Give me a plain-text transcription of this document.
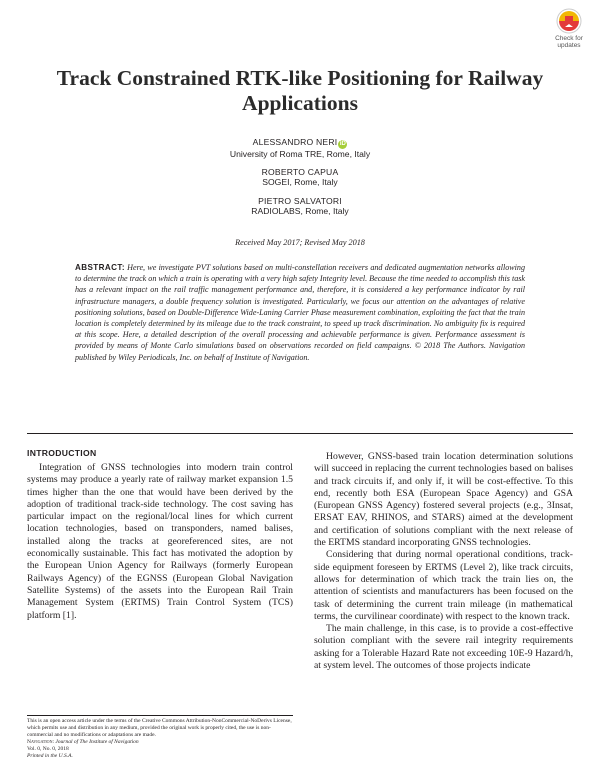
Check for
updates
Track Constrained RTK-like Positioning for Railway Applications
ALESSANDRO NERI iD
University of Roma TRE, Rome, Italy
ROBERTO CAPUA
SOGEI, Rome, Italy
PIETRO SALVATORI
RADIOLABS, Rome, Italy
Received May 2017; Revised May 2018
ABSTRACT: Here, we investigate PVT solutions based on multi-constellation receivers and dedicated augmentation networks allowing to determine the track on which a train is operating with a very high safety Integrity level. Because the time needed to accomplish this task has a relevant impact on the rail traffic management performance and, therefore, it is considered a key performance indicator by rail infrastructure managers, a double frequency solution is investigated. Particularly, we focus our attention on the advantages of relative positioning solutions, based on Double-Difference Wide-Laning Carrier Phase measurement combination, exploiting the fact that the train location is completely determined by its mileage due to the track constraint, to speed up track discrimination. No ambiguity fix is required at this scope. Here, a detailed description of the overall processing and achievable performance is given. Performance assessment is provided by means of Monte Carlo simulations based on observations recorded on field campaigns. © 2018 The Authors. Navigation published by Wiley Periodicals, Inc. on behalf of Institute of Navigation.
INTRODUCTION

Integration of GNSS technologies into modern train control systems may produce a yearly rate of railway market expansion 1.5 times higher than the one that would have been derived by the adoption of traditional track-side technology. The cost saving has particular impact on the regional/local lines for which current location technologies, based on transponders, named balises, installed along the tracks at georeferenced sites, are not economically sustainable. This fact has motivated the adoption by the European Union Agency for Railways (formerly European Railways Agency) of the EGNSS (European Global Navigation Satellite Systems) of the assets into the European Rail Train Management System (ERTMS) Train Control System (TCS) platform [1].

However, GNSS-based train location determination solutions will succeed in replacing the current technologies based on balises and track circuits if, and only if, it will be cost-effective. To this end, recently both ESA (European Space Agency) and GSA (European GNSS Agency) fostered several projects (e.g., 3Insat, ERSAT EAV, RHINOS, and STARS) aimed at the development and certification of solutions compliant with the next release of the ERTMS standard incorporating GNSS technologies.

Considering that during normal operational conditions, track-side equipment foreseen by ERTMS (Level 2), like track circuits, allows for determination of which track the train lies on, the attention of scientists and manufacturers has been focused on the task of determining the current train mileage (in mathematical terms, the curvilinear coordinate) with respect to the known track.

The main challenge, in this case, is to provide a cost-effective solution compliant with the severe rail integrity requirements asking for a Tolerable Hazard Rate not exceeding 10E-9 Hazard/h, at system level. The outcomes of those projects indicate

This is an open access article under the terms of the Creative Commons Attribution-NonCommercial-NoDerivs License, which permits use and distribution in any medium, provided the original work is properly cited, the use is non-commercial and no modifications or adaptations are made.
Navigation: Journal of The Institute of Navigation
Vol. 0, No. 0, 2018
Printed in the U.S.A.
